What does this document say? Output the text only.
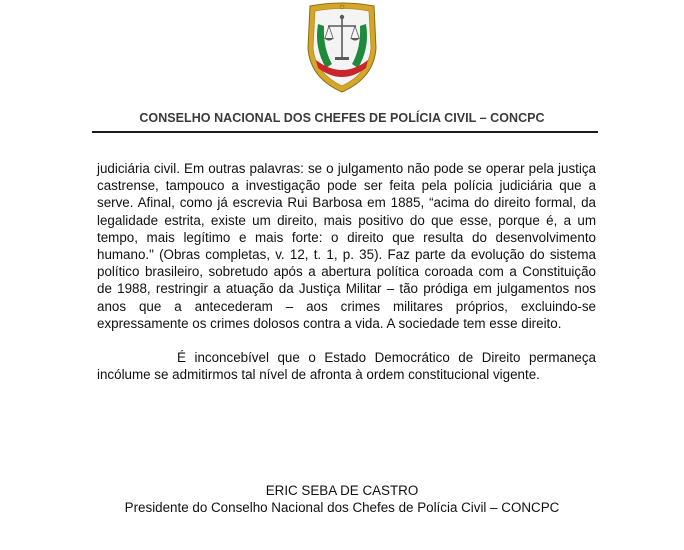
CONSELHO NACIONAL DOS CHEFES DE POLÍCIA CIVIL – CONCPC

judiciária civil. Em outras palavras: se o julgamento não pode se operar pela justiça castrense, tampouco a investigação pode ser feita pela polícia judiciária que a serve. Afinal, como já escrevia Rui Barbosa em 1885, “acima do direito formal, da legalidade estrita, existe um direito, mais positivo do que esse, porque é, a um tempo, mais legítimo e mais forte: o direito que resulta do desenvolvimento humano." (Obras completas, v. 12, t. 1, p. 35). Faz parte da evolução do sistema político brasileiro, sobretudo após a abertura política coroada com a Constituição de 1988, restringir a atuação da Justiça Militar – tão pródiga em julgamentos nos anos que a antecederam – aos crimes militares próprios, excluindo-se expressamente os crimes dolosos contra a vida. A sociedade tem esse direito.

É inconcebível que o Estado Democrático de Direito permaneça incólume se admitirmos tal nível de afronta à ordem constitucional vigente.

ERIC SEBA DE CASTRO
Presidente do Conselho Nacional dos Chefes de Polícia Civil – CONCPC
